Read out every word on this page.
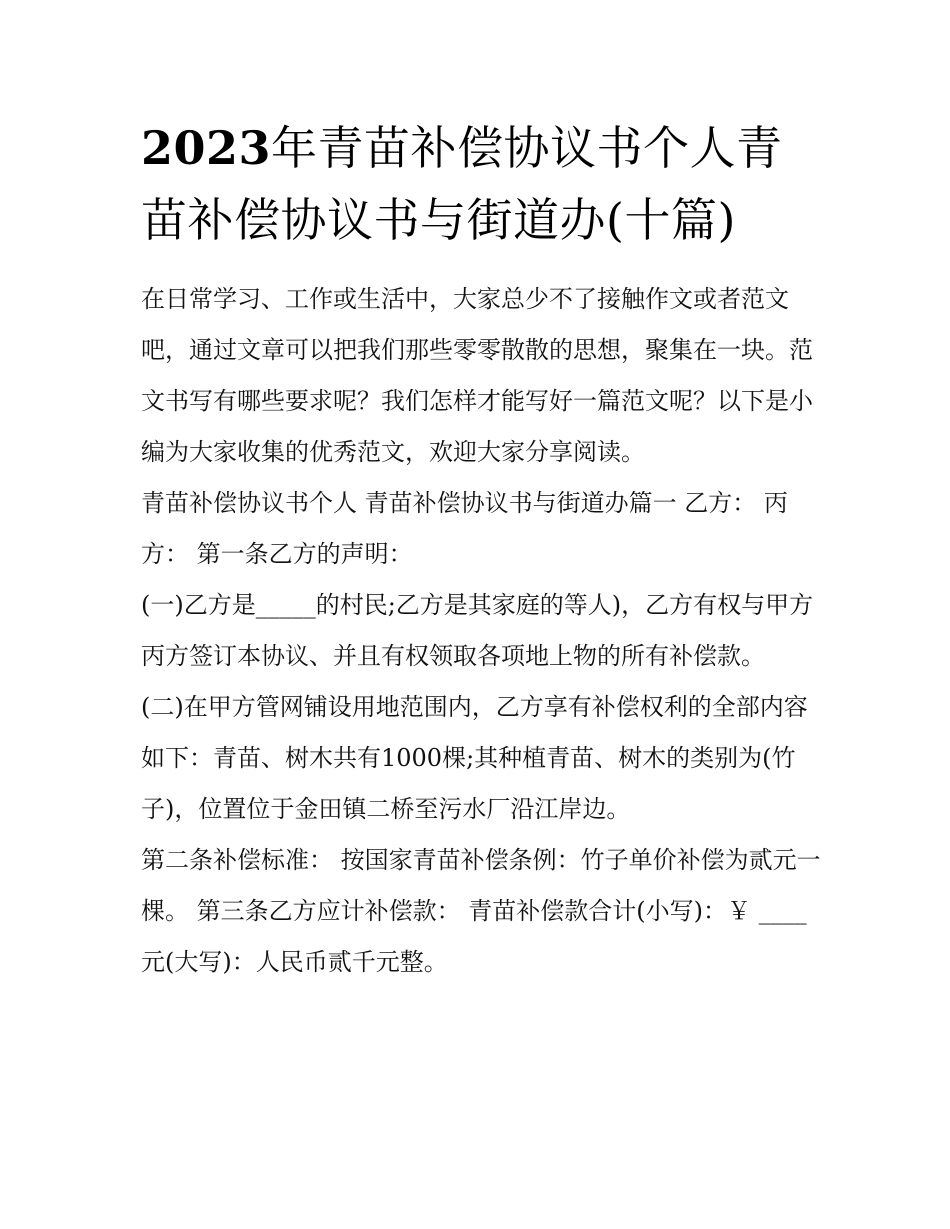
2023年青苗补偿协议书个人青苗补偿协议书与街道办(十篇)

在日常学习、工作或生活中，大家总少不了接触作文或者范文吧，通过文章可以把我们那些零零散散的思想，聚集在一块。范文书写有哪些要求呢？我们怎样才能写好一篇范文呢？以下是小编为大家收集的优秀范文，欢迎大家分享阅读。

青苗补偿协议书个人 青苗补偿协议书与街道办篇一 乙方： 丙方： 第一条乙方的声明：

(一)乙方是_____的村民;乙方是其家庭的等人)，乙方有权与甲方丙方签订本协议、并且有权领取各项地上物的所有补偿款。

(二)在甲方管网铺设用地范围内，乙方享有补偿权利的全部内容如下：青苗、树木共有1000棵;其种植青苗、树木的类别为(竹子)，位置位于金田镇二桥至污水厂沿江岸边。

第二条补偿标准： 按国家青苗补偿条例：竹子单价补偿为贰元一棵。 第三条乙方应计补偿款： 青苗补偿款合计(小写)：￥ ____元(大写)：人民币贰千元整。
